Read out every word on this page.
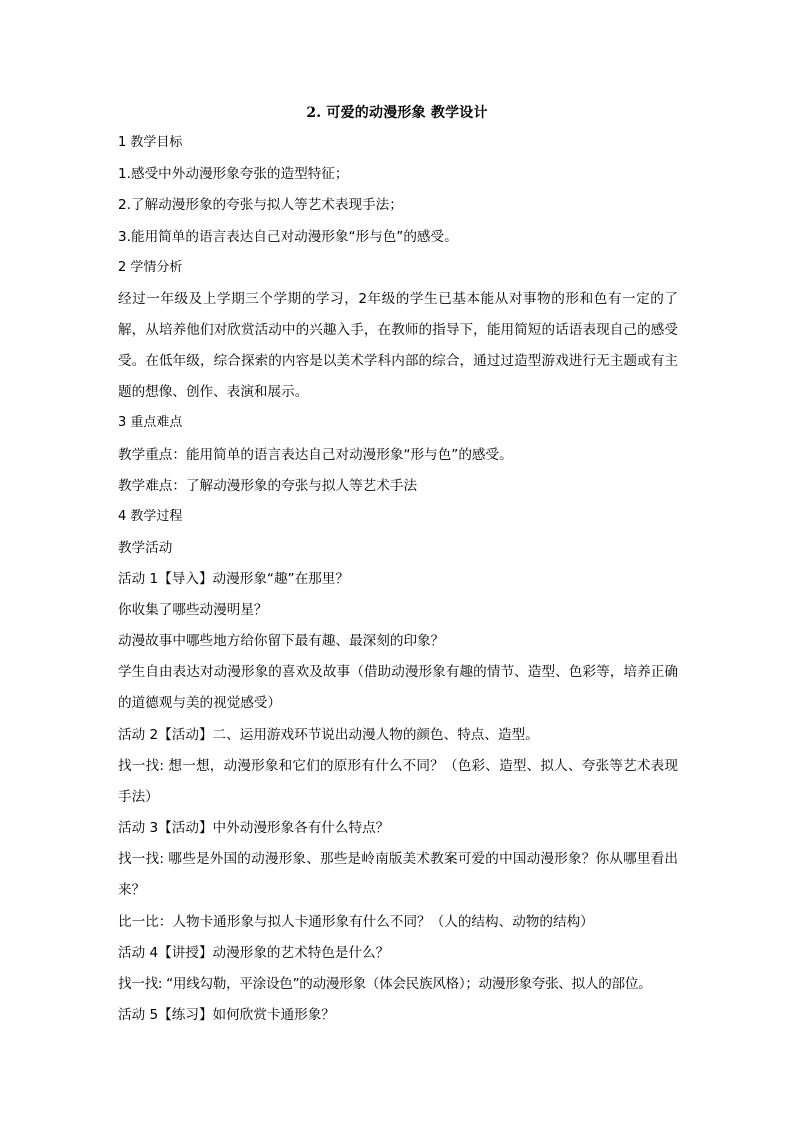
2. 可爱的动漫形象 教学设计
1 教学目标
1.感受中外动漫形象夸张的造型特征；
2.了解动漫形象的夸张与拟人等艺术表现手法；
3.能用简单的语言表达自己对动漫形象“形与色”的感受。
2 学情分析
经过一年级及上学期三个学期的学习，2年级的学生已基本能从对事物的形和色有一定的了解，从培养他们对欣赏活动中的兴趣入手，在教师的指导下，能用简短的话语表现自己的感受受。在低年级，综合探索的内容是以美术学科内部的综合，通过过造型游戏进行无主题或有主题的想像、创作、表演和展示。
3 重点难点
教学重点：能用简单的语言表达自己对动漫形象“形与色”的感受。
教学难点：了解动漫形象的夸张与拟人等艺术手法
4 教学过程
教学活动
活动 1【导入】动漫形象“趣”在那里？
你收集了哪些动漫明星？
动漫故事中哪些地方给你留下最有趣、最深刻的印象？
学生自由表达对动漫形象的喜欢及故事（借助动漫形象有趣的情节、造型、色彩等，培养正确的道德观与美的视觉感受）
活动 2【活动】二、运用游戏环节说出动漫人物的颜色、特点、造型。
找一找: 想一想，动漫形象和它们的原形有什么不同？（色彩、造型、拟人、夸张等艺术表现手法）
活动 3【活动】中外动漫形象各有什么特点？
找一找: 哪些是外国的动漫形象、那些是岭南版美术教案可爱的中国动漫形象？你从哪里看出来？
比一比：人物卡通形象与拟人卡通形象有什么不同？（人的结构、动物的结构）
活动 4【讲授】动漫形象的艺术特色是什么？
找一找: “用线勾勒，平涂设色”的动漫形象（体会民族风格）；动漫形象夸张、拟人的部位。
活动 5【练习】如何欣赏卡通形象？
